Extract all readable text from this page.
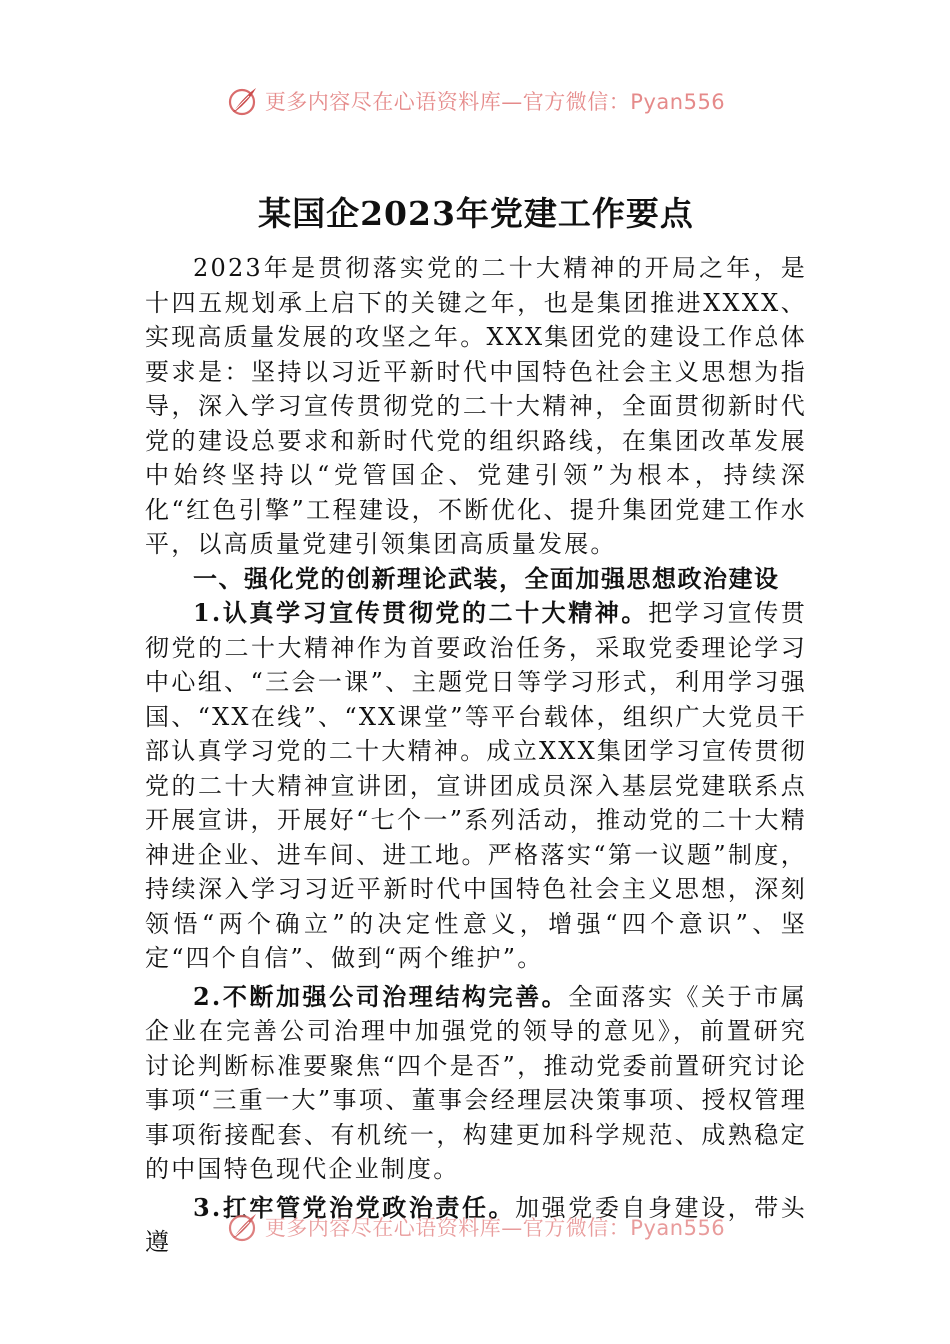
更多内容尽在心语资料库—官方微信：Pyan556
某国企2023年党建工作要点

2023年是贯彻落实党的二十大精神的开局之年，是十四五规划承上启下的关键之年，也是集团推进XXXX、实现高质量发展的攻坚之年。XXX集团党的建设工作总体要求是：坚持以习近平新时代中国特色社会主义思想为指导，深入学习宣传贯彻党的二十大精神，全面贯彻新时代党的建设总要求和新时代党的组织路线，在集团改革发展中始终坚持以“党管国企、党建引领”为根本，持续深化“红色引擎”工程建设，不断优化、提升集团党建工作水平，以高质量党建引领集团高质量发展。

一、强化党的创新理论武装，全面加强思想政治建设

1.认真学习宣传贯彻党的二十大精神。把学习宣传贯彻党的二十大精神作为首要政治任务，采取党委理论学习中心组、“三会一课”、主题党日等学习形式，利用学习强国、“XX在线”、“XX课堂”等平台载体，组织广大党员干部认真学习党的二十大精神。成立XXX集团学习宣传贯彻党的二十大精神宣讲团，宣讲团成员深入基层党建联系点开展宣讲，开展好“七个一”系列活动，推动党的二十大精神进企业、进车间、进工地。严格落实“第一议题”制度，持续深入学习习近平新时代中国特色社会主义思想，深刻领悟“两个确立”的决定性意义，增强“四个意识”、坚定“四个自信”、做到“两个维护”。

2.不断加强公司治理结构完善。全面落实《关于市属企业在完善公司治理中加强党的领导的意见》，前置研究讨论判断标准要聚焦“四个是否”，推动党委前置研究讨论事项“三重一大”事项、董事会经理层决策事项、授权管理事项衔接配套、有机统一，构建更加科学规范、成熟稳定的中国特色现代企业制度。

3.扛牢管党治党政治责任。加强党委自身建设，带头遵	更多内容尽在心语资料库—官方微信：Pyan556
